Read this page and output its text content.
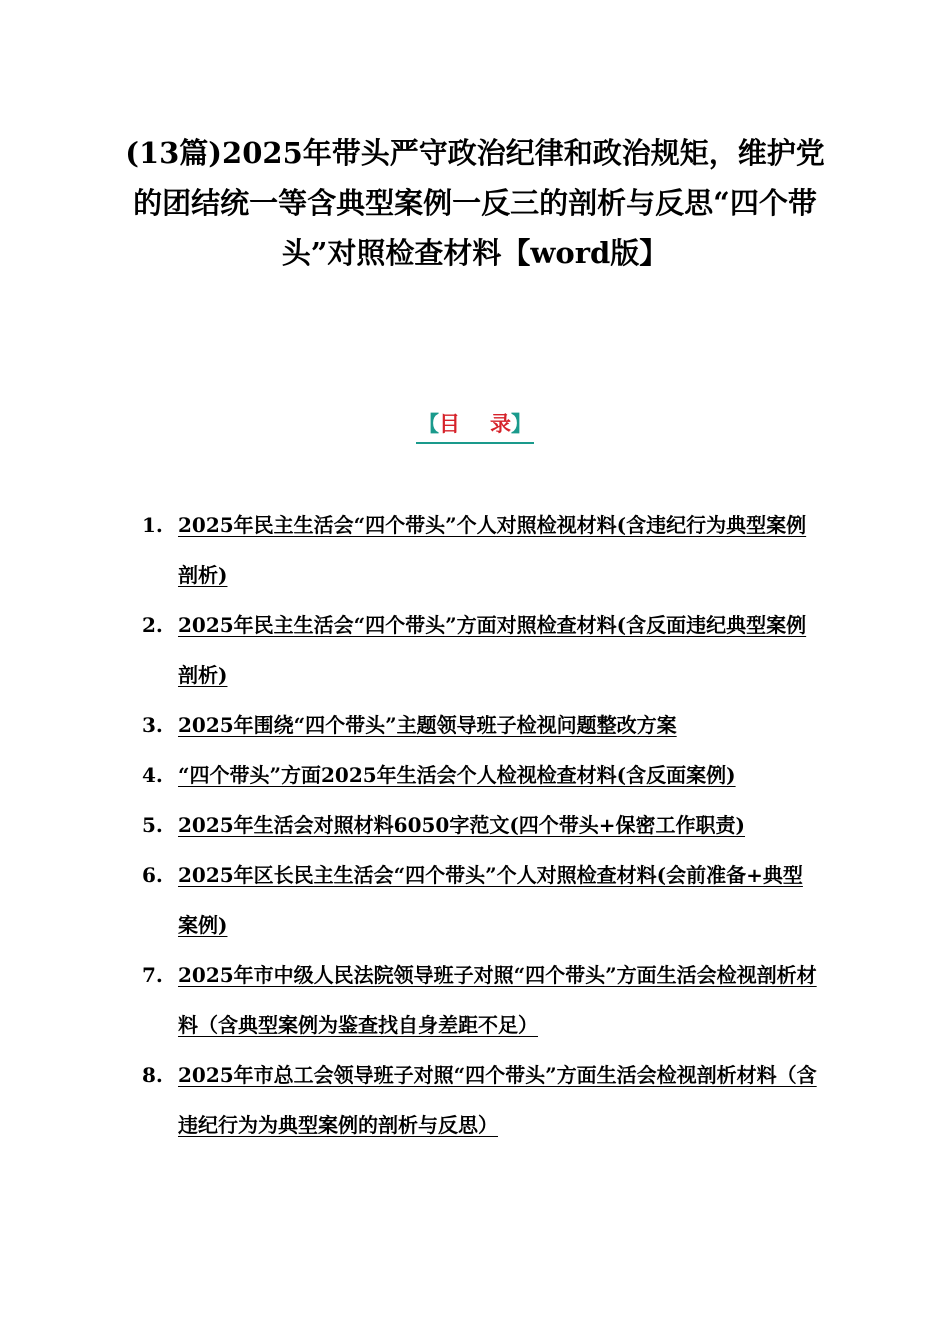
(13篇)2025年带头严守政治纪律和政治规矩，维护党的团结统一等含典型案例一反三的剖析与反思“四个带头”对照检查材料【word版】
【目 录】
1. 2025年民主生活会“四个带头”个人对照检视材料(含违纪行为典型案例剖析)
2. 2025年民主生活会“四个带头”方面对照检查材料(含反面违纪典型案例剖析)
3. 2025年围绕“四个带头”主题领导班子检视问题整改方案
4. “四个带头”方面2025年生活会个人检视检查材料(含反面案例)
5. 2025年生活会对照材料6050字范文(四个带头+保密工作职责)
6. 2025年区长民主生活会“四个带头”个人对照检查材料(会前准备+典型案例)
7. 2025年市中级人民法院领导班子对照“四个带头”方面生活会检视剖析材料（含典型案例为鉴查找自身差距不足）
8. 2025年市总工会领导班子对照“四个带头”方面生活会检视剖析材料（含违纪行为为典型案例的剖析与反思）
